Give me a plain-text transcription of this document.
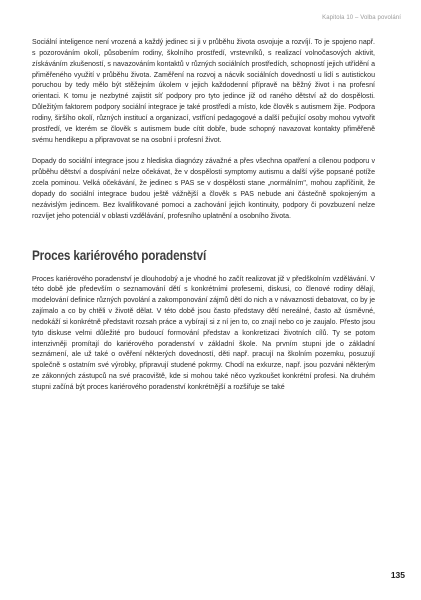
Kapitola 10 – Volba povolání

Sociální inteligence není vrozená a každý jedinec si ji v průběhu života osvojuje a rozvíjí. To je spojeno např. s pozorováním okolí, působením rodiny, školního prostředí, vrstevníků, s realizací volnočasových aktivit, získáváním zkušeností, s navazováním kontaktů v různých sociálních prostředích, schopností jejich utřídění a přiměřeného využití v průběhu života. Zaměření na rozvoj a nácvik sociálních dovedností u lidí s autistickou poruchou by tedy mělo být stěžejním úkolem v jejich každodenní přípravě na běžný život i na profesní orientaci. K tomu je nezbytné zajistit síť podpory pro tyto jedince již od raného dětství až do dospělosti. Důležitým faktorem podpory sociální integrace je také prostředí a místo, kde člověk s autismem žije. Podpora rodiny, širšího okolí, různých institucí a organizací, vstřícní pedagogové a další pečující osoby mohou vytvořit prostředí, ve kterém se člověk s autismem bude cítit dobře, bude schopný navazovat kontakty přiměřeně svému hendikepu a připravovat se na osobní i profesní život.

Dopady do sociální integrace jsou z hlediska diagnózy závažné a přes všechna opatření a cílenou podporu v průběhu dětství a dospívání nelze očekávat, že v dospělosti symptomy autismu a další výše popsané potíže zcela pominou. Velká očekávání, že jedinec s PAS se v dospělosti stane „normálním", mohou zapříčinit, že dopady do sociální integrace budou ještě vážnější a člověk s PAS nebude ani částečně spokojeným a nezávislým jedincem. Bez kvalifikované pomoci a zachování jejich kontinuity, podpory či povzbuzení nelze rozvíjet jeho potenciál v oblasti vzdělávání, profesního uplatnění a osobního života.

Proces kariérového poradenství

Proces kariérového poradenství je dlouhodobý a je vhodné ho začít realizovat již v předškolním vzdělávání. V této době jde především o seznamování dětí s konkrétními profesemi, diskusi, co členové rodiny dělají, modelování definice různých povolání a zakomponování zájmů dětí do nich a v návaznosti debatovat, co by je zajímalo a co by chtěli v životě dělat. V této době jsou často představy dětí nereálné, často až úsměvné, nedokáží si konkrétně představit rozsah práce a vybírají si z ní jen to, co znají nebo co je zaujalo. Přesto jsou tyto diskuse velmi důležité pro budoucí formování představ a konkretizaci životních cílů. Ty se potom intenzivněji promítají do kariérového poradenství v základní škole. Na prvním stupni jde o základní seznámení, ale už také o ověření některých dovedností, děti např. pracují na školním pozemku, posuzují společně s ostatním své výrobky, připravují studené pokrmy. Chodí na exkurze, např. jsou pozváni některým ze zákonných zástupců na své pracoviště, kde si mohou také něco vyzkoušet konkrétní profesi. Na druhém stupni začíná být proces kariérového poradenství konkrétnější a rozšiřuje se také

135
